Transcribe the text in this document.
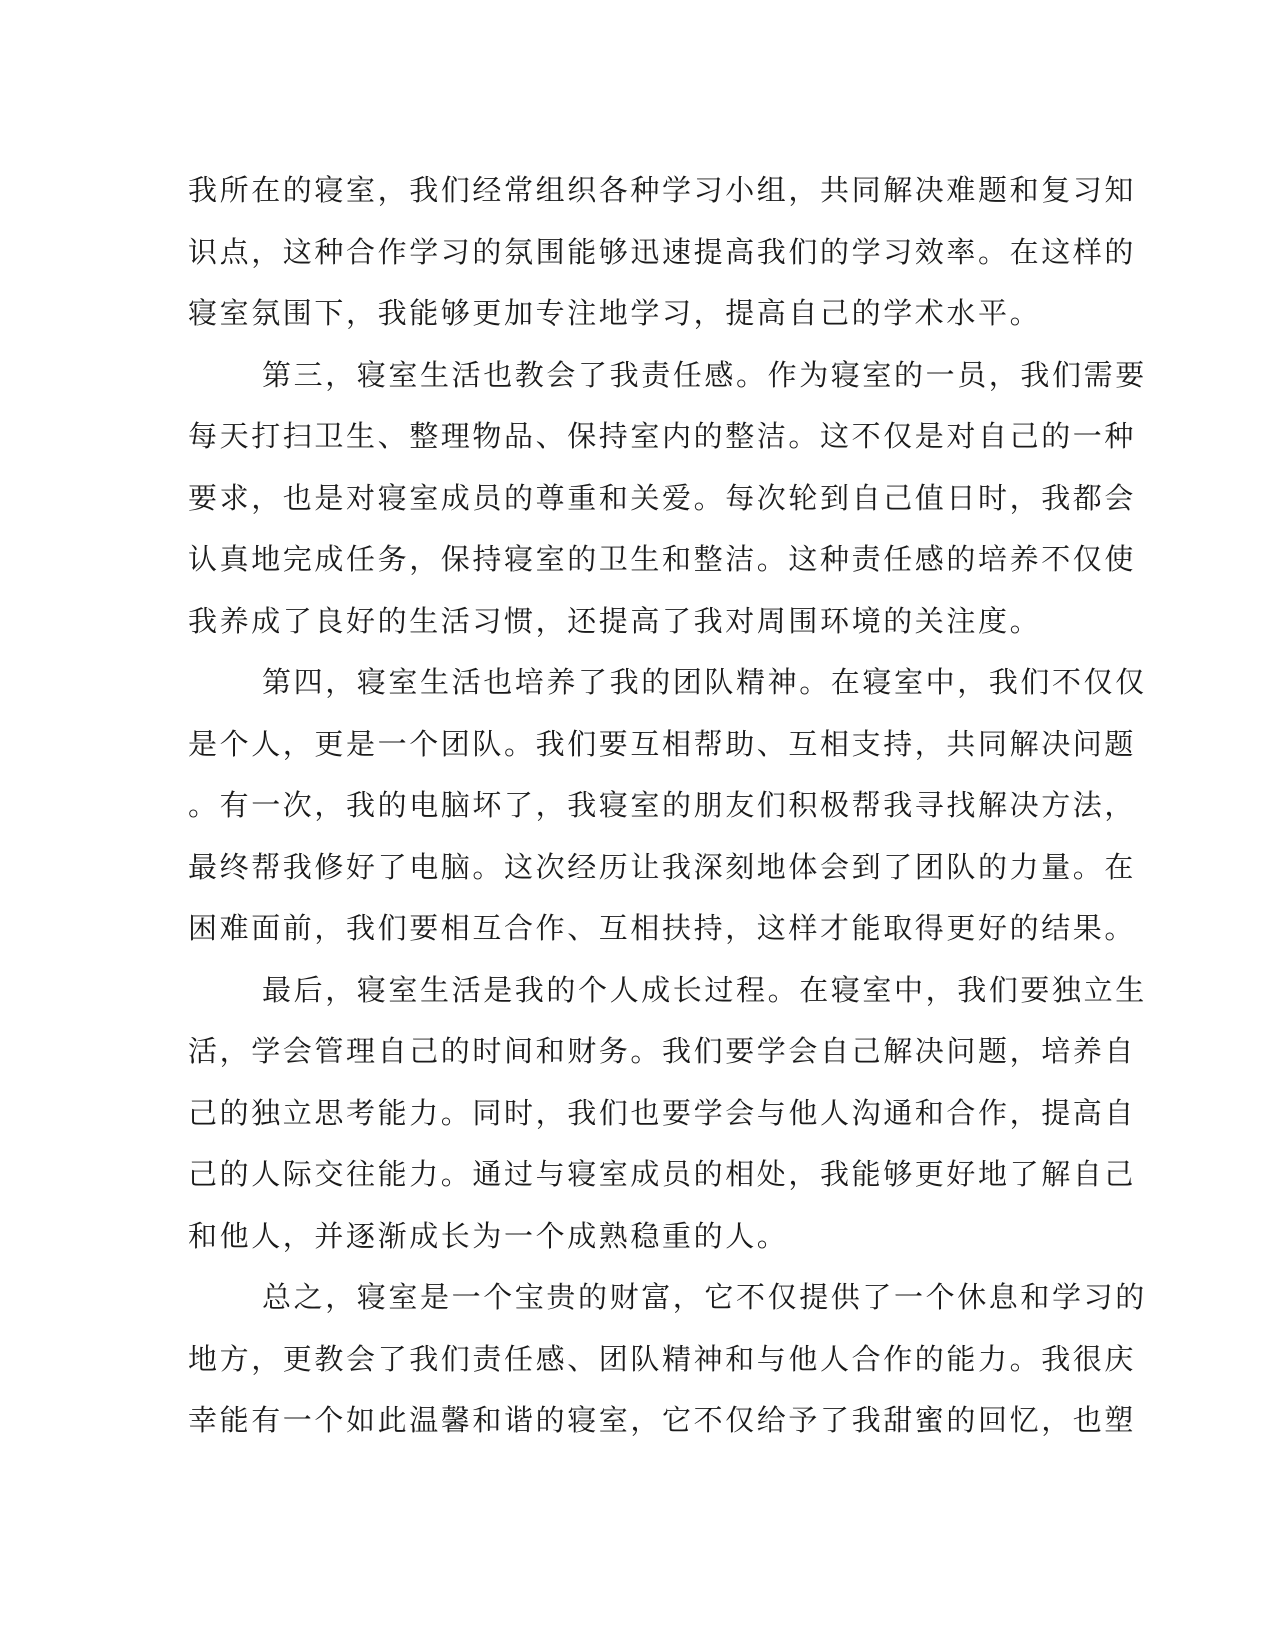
我所在的寝室，我们经常组织各种学习小组，共同解决难题和复习知
识点，这种合作学习的氛围能够迅速提高我们的学习效率。在这样的
寝室氛围下，我能够更加专注地学习，提高自己的学术水平。
第三，寝室生活也教会了我责任感。作为寝室的一员，我们需要
每天打扫卫生、整理物品、保持室内的整洁。这不仅是对自己的一种
要求，也是对寝室成员的尊重和关爱。每次轮到自己值日时，我都会
认真地完成任务，保持寝室的卫生和整洁。这种责任感的培养不仅使
我养成了良好的生活习惯，还提高了我对周围环境的关注度。
第四，寝室生活也培养了我的团队精神。在寝室中，我们不仅仅
是个人，更是一个团队。我们要互相帮助、互相支持，共同解决问题
。有一次，我的电脑坏了，我寝室的朋友们积极帮我寻找解决方法，
最终帮我修好了电脑。这次经历让我深刻地体会到了团队的力量。在
困难面前，我们要相互合作、互相扶持，这样才能取得更好的结果。
最后，寝室生活是我的个人成长过程。在寝室中，我们要独立生
活，学会管理自己的时间和财务。我们要学会自己解决问题，培养自
己的独立思考能力。同时，我们也要学会与他人沟通和合作，提高自
己的人际交往能力。通过与寝室成员的相处，我能够更好地了解自己
和他人，并逐渐成长为一个成熟稳重的人。
总之，寝室是一个宝贵的财富，它不仅提供了一个休息和学习的
地方，更教会了我们责任感、团队精神和与他人合作的能力。我很庆
幸能有一个如此温馨和谐的寝室，它不仅给予了我甜蜜的回忆，也塑
